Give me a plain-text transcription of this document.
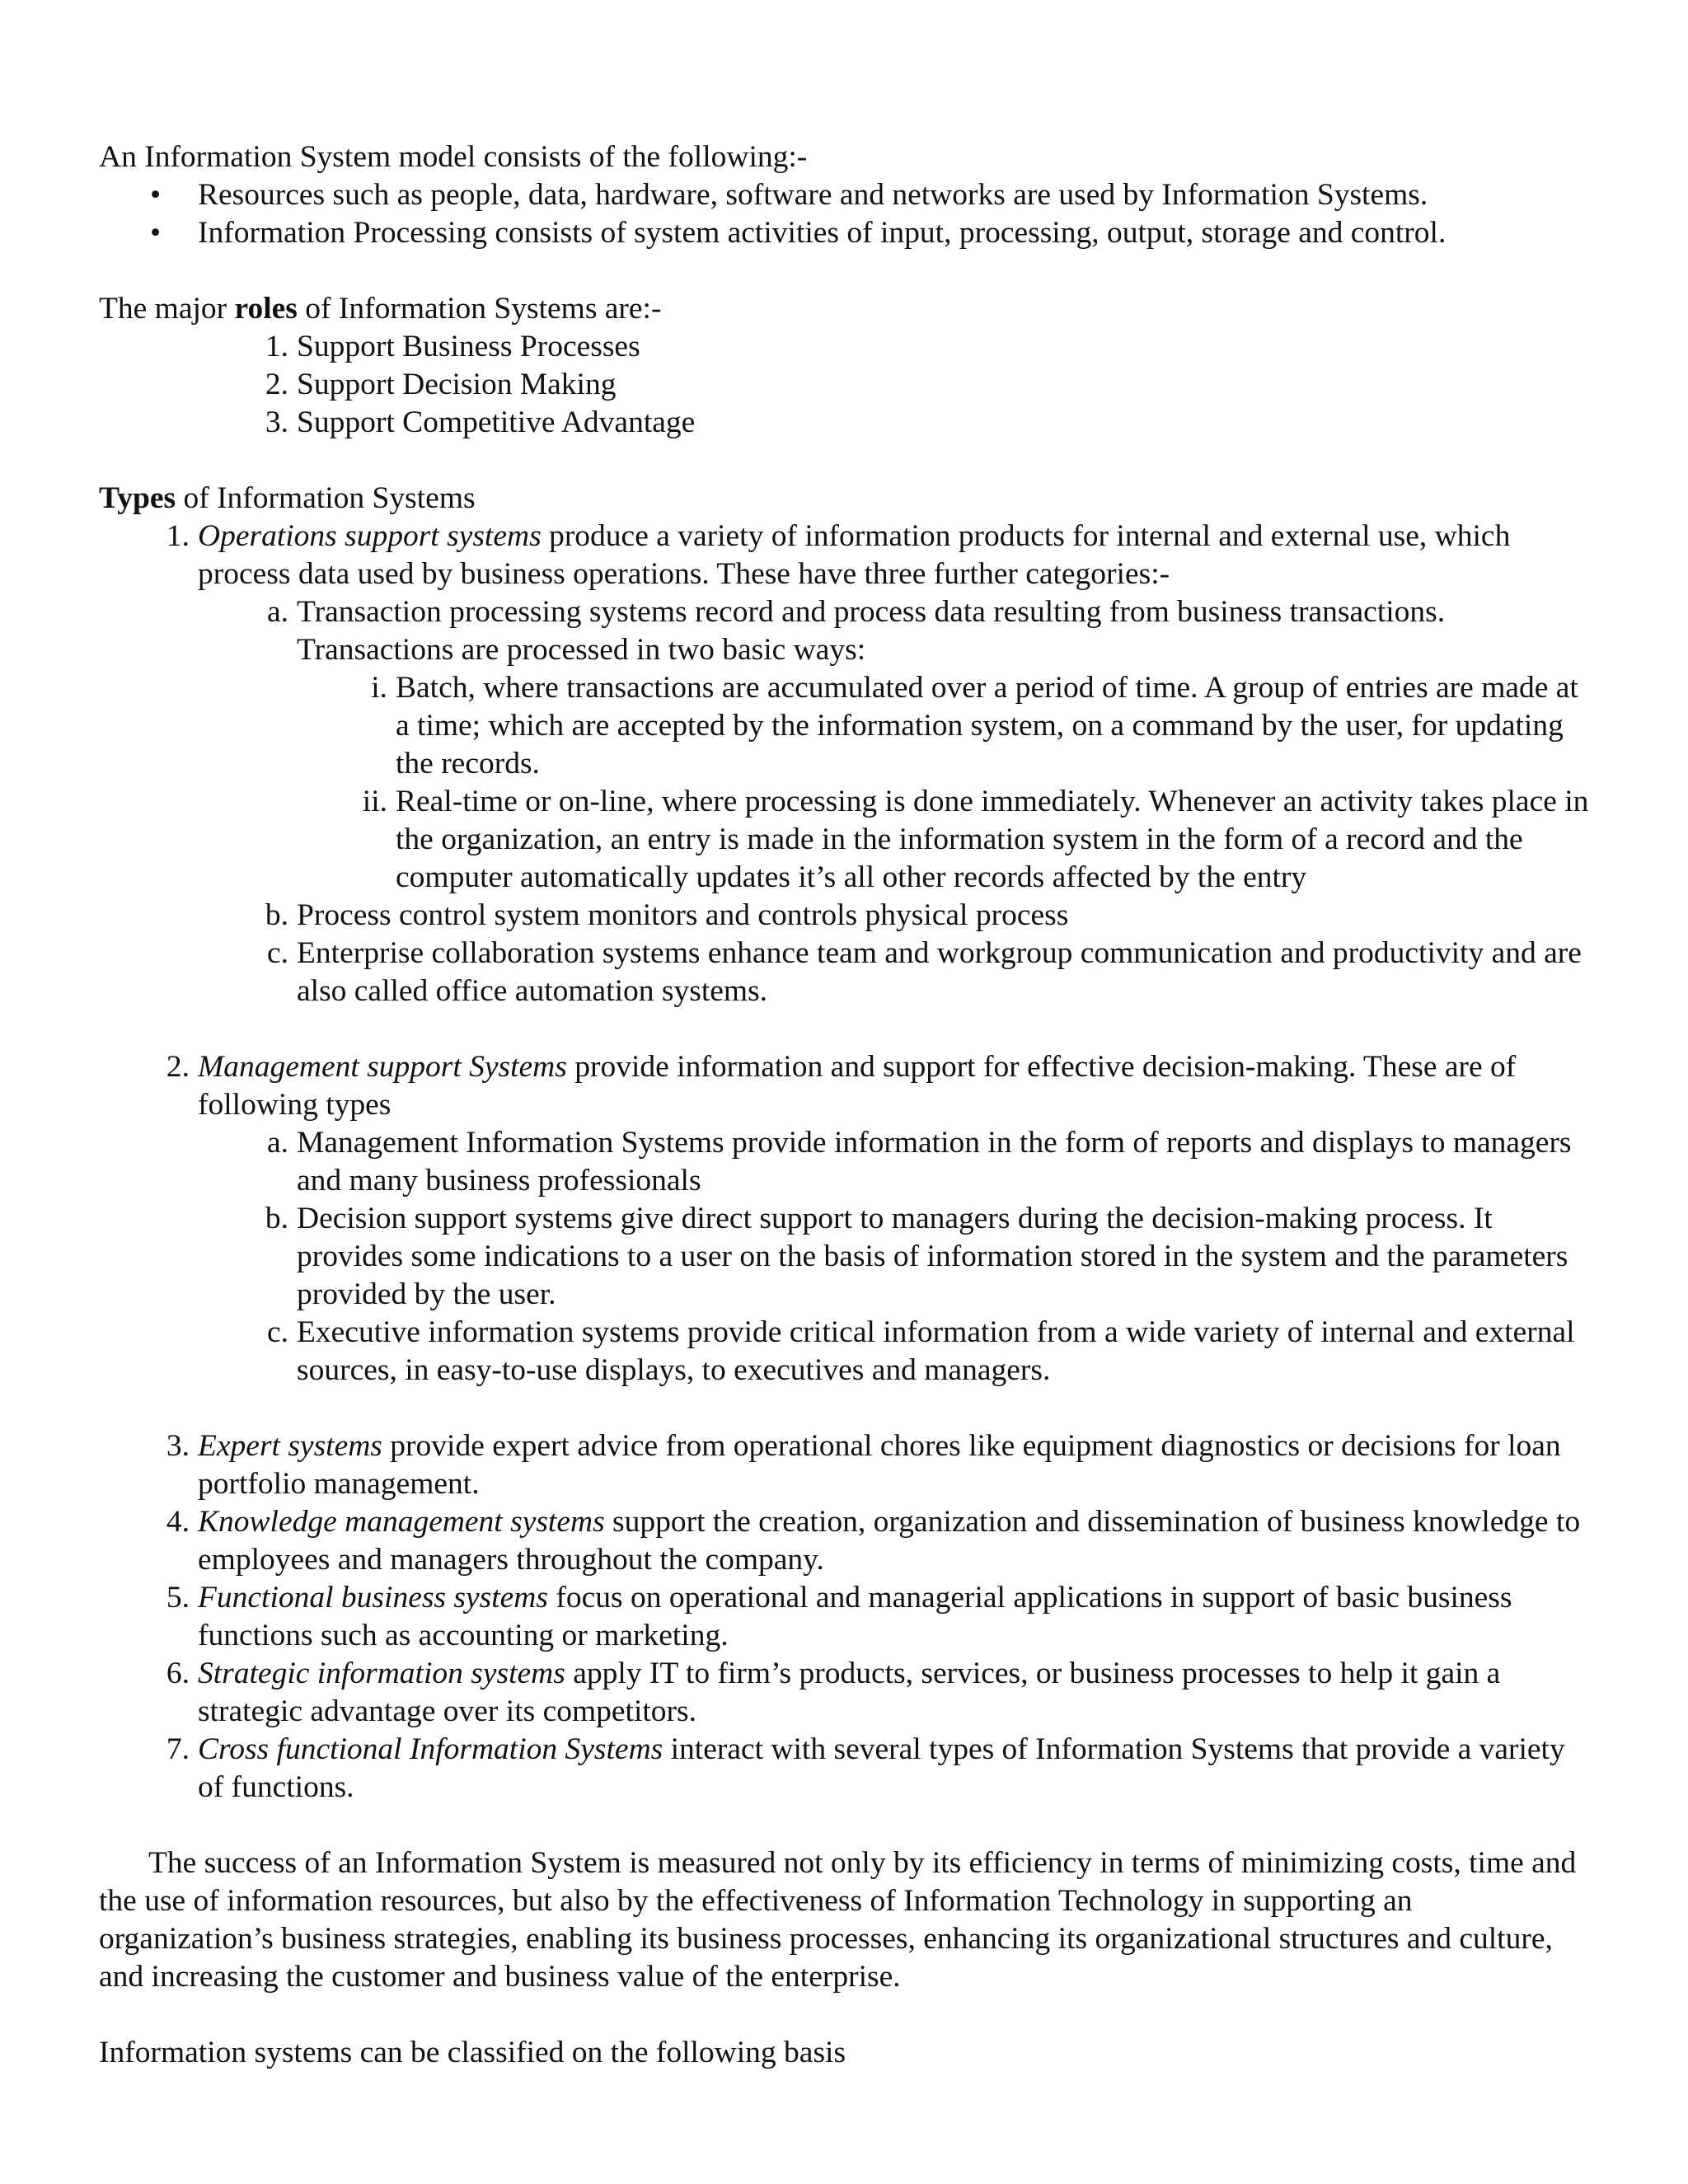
An Information System model consists of the following:-

• Resources such as people, data, hardware, software and networks are used by Information Systems.
• Information Processing consists of system activities of input, processing, output, storage and control.

The major roles of Information Systems are:-

1. Support Business Processes
2. Support Decision Making
3. Support Competitive Advantage

Types of Information Systems

1. Operations support systems produce a variety of information products for internal and external use, which process data used by business operations. These have three further categories:-
a. Transaction processing systems record and process data resulting from business transactions. Transactions are processed in two basic ways:
i. Batch, where transactions are accumulated over a period of time. A group of entries are made at a time; which are accepted by the information system, on a command by the user, for updating the records.
ii. Real-time or on-line, where processing is done immediately. Whenever an activity takes place in the organization, an entry is made in the information system in the form of a record and the computer automatically updates it’s all other records affected by the entry
b. Process control system monitors and controls physical process
c. Enterprise collaboration systems enhance team and workgroup communication and productivity and are also called office automation systems.
2. Management support Systems provide information and support for effective decision-making. These are of following types
a. Management Information Systems provide information in the form of reports and displays to managers and many business professionals
b. Decision support systems give direct support to managers during the decision-making process. It provides some indications to a user on the basis of information stored in the system and the parameters provided by the user.
c. Executive information systems provide critical information from a wide variety of internal and external sources, in easy-to-use displays, to executives and managers.
3. Expert systems provide expert advice from operational chores like equipment diagnostics or decisions for loan portfolio management.
4. Knowledge management systems support the creation, organization and dissemination of business knowledge to employees and managers throughout the company.
5. Functional business systems focus on operational and managerial applications in support of basic business functions such as accounting or marketing.
6. Strategic information systems apply IT to firm’s products, services, or business processes to help it gain a strategic advantage over its competitors.
7. Cross functional Information Systems interact with several types of Information Systems that provide a variety of functions.

The success of an Information System is measured not only by its efficiency in terms of minimizing costs, time and the use of information resources, but also by the effectiveness of Information Technology in supporting an organization’s business strategies, enabling its business processes, enhancing its organizational structures and culture, and increasing the customer and business value of the enterprise.

Information systems can be classified on the following basis
